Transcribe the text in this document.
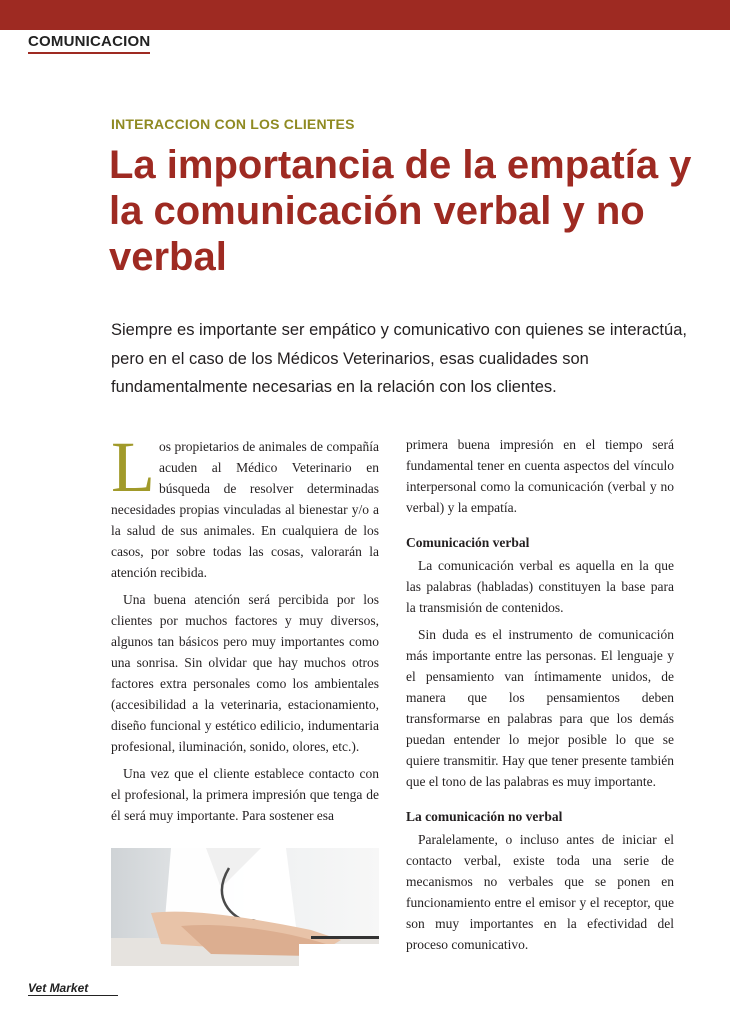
COMUNICACION
INTERACCION CON LOS CLIENTES
La importancia de la empatía y la comunicación verbal y no verbal

Siempre es importante ser empático y comunicativo con quienes se interactúa, pero en el caso de los Médicos Veterinarios, esas cualidades son fundamentalmente necesarias en la relación con los clientes.

Los propietarios de animales de compañía acuden al Médico Veterinario en búsqueda de resolver determinadas necesidades propias vinculadas al bienestar y/o a la salud de sus animales. En cualquiera de los casos, por sobre todas las cosas, valorarán la atención recibida.

Una buena atención será percibida por los clientes por muchos factores y muy diversos, algunos tan básicos pero muy importantes como una sonrisa. Sin olvidar que hay muchos otros factores extra personales como los ambientales (accesibilidad a la veterinaria, estacionamiento, diseño funcional y estético edilicio, indumentaria profesional, iluminación, sonido, olores, etc.).

Una vez que el cliente establece contacto con el profesional, la primera impresión que tenga de él será muy importante. Para sostener esa

primera buena impresión en el tiempo será fundamental tener en cuenta aspectos del vínculo interpersonal como la comunicación (verbal y no verbal) y la empatía.

Comunicación verbal

La comunicación verbal es aquella en la que las palabras (habladas) constituyen la base para la transmisión de contenidos.

Sin duda es el instrumento de comunicación más importante entre las personas. El lenguaje y el pensamiento van íntimamente unidos, de manera que los pensamientos deben transformarse en palabras para que los demás puedan entender lo mejor posible lo que se quiere transmitir. Hay que tener presente también que el tono de las palabras es muy importante.

La comunicación no verbal

Paralelamente, o incluso antes de iniciar el contacto verbal, existe toda una serie de mecanismos no verbales que se ponen en funcionamiento entre el emisor y el receptor, que son muy importantes en la efectividad del proceso comunicativo.

Vet Market
